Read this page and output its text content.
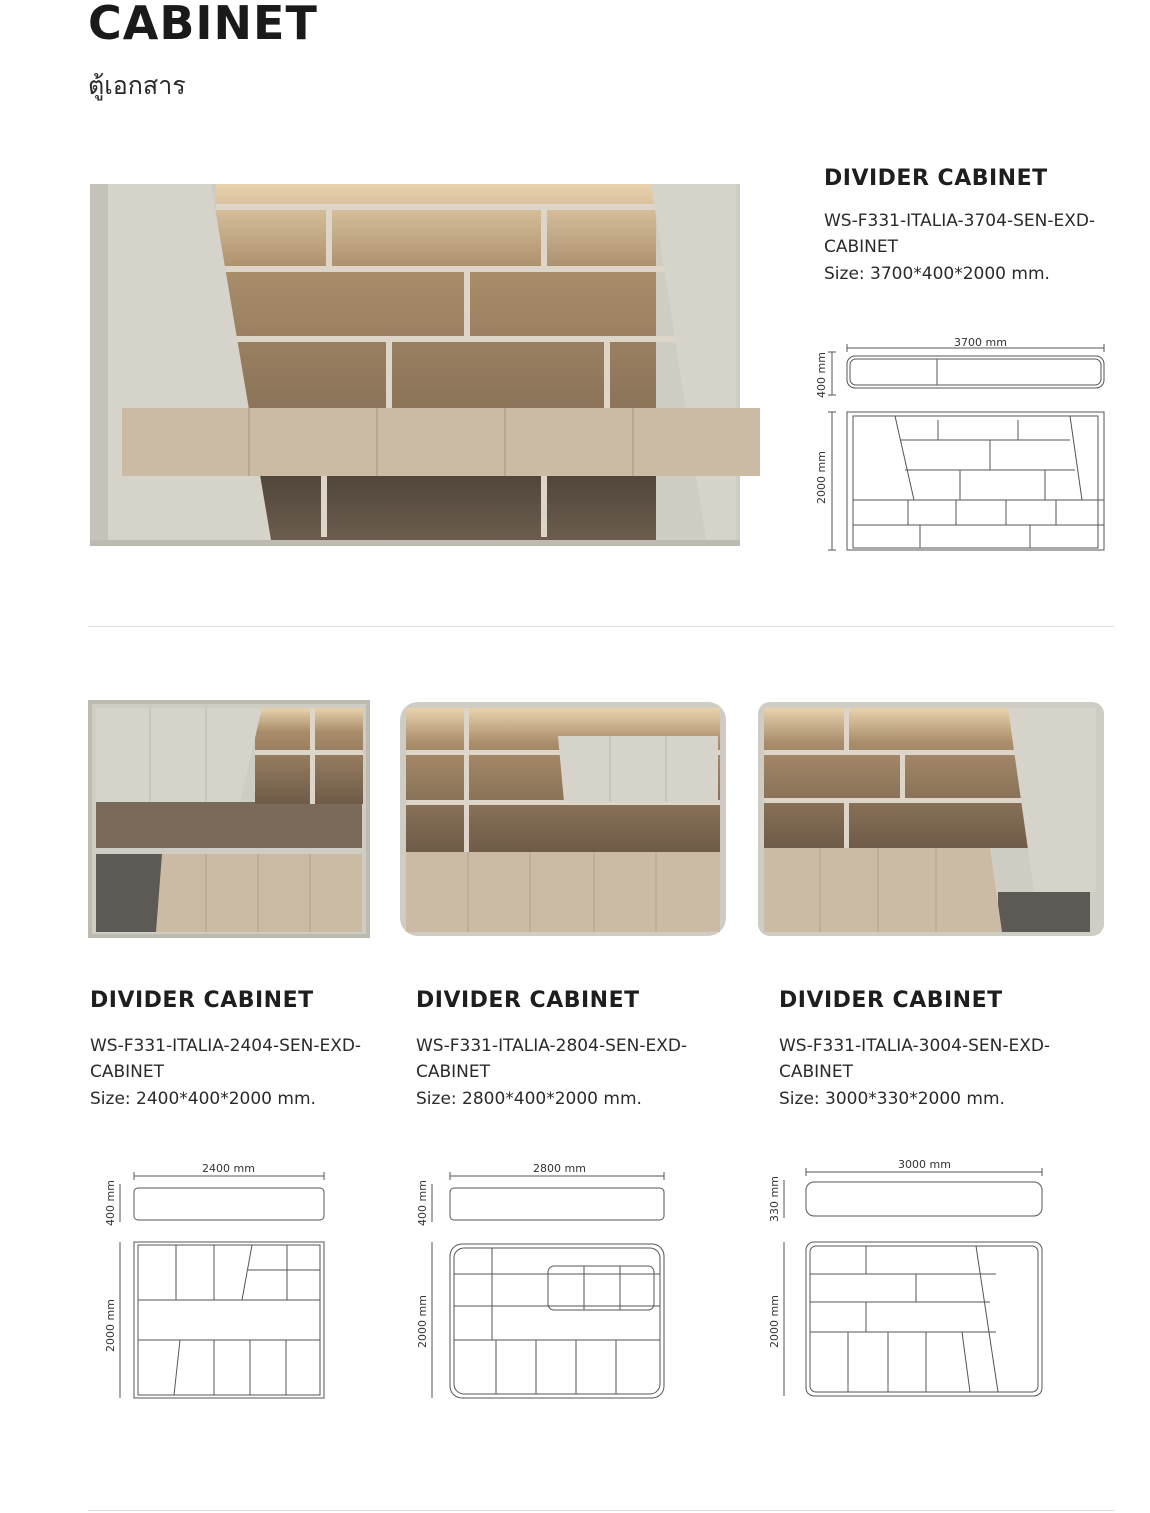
CABINET
ตู้เอกสาร
DIVIDER CABINET
WS-F331-ITALIA-3704-SEN-EXD-
CABINET
Size: 3700*400*2000 mm.
3700 mm
400 mm
2000 mm
DIVIDER CABINET
WS-F331-ITALIA-2404-SEN-EXD-
CABINET
Size: 2400*400*2000 mm.
2400 mm
400 mm
2000 mm
DIVIDER CABINET
WS-F331-ITALIA-2804-SEN-EXD-
CABINET
Size: 2800*400*2000 mm.
2800 mm
400 mm
2000 mm
DIVIDER CABINET
WS-F331-ITALIA-3004-SEN-EXD-
CABINET
Size: 3000*330*2000 mm.
3000 mm
330 mm
2000 mm
